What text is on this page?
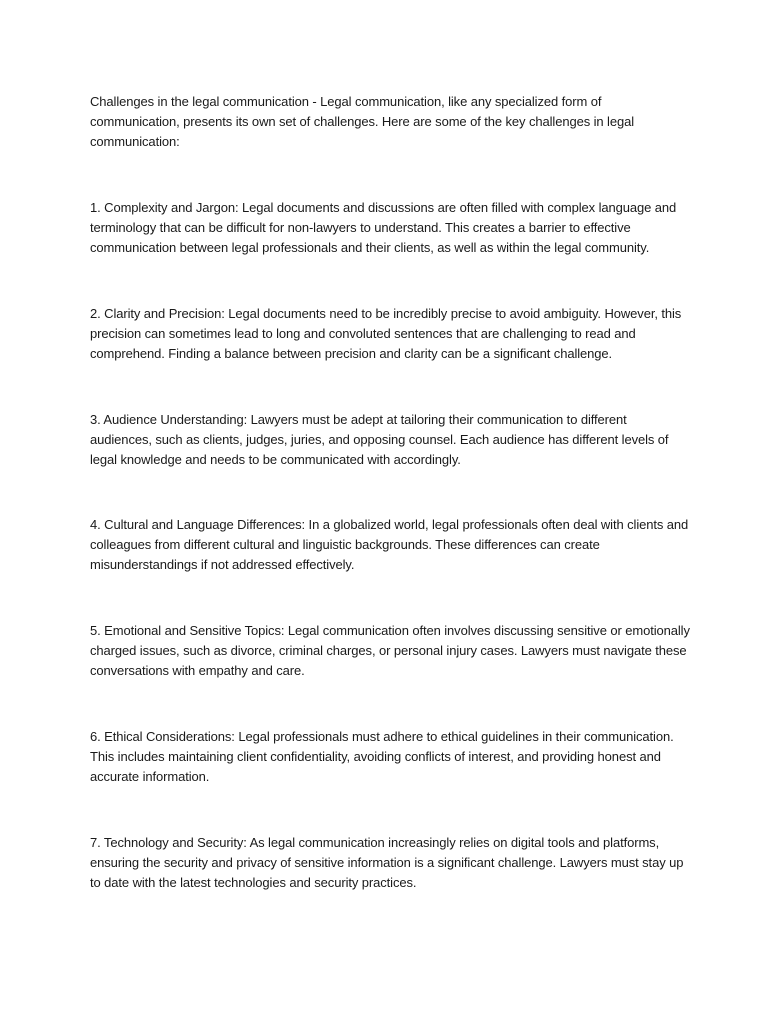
Challenges in the legal communication - Legal communication, like any specialized form of communication, presents its own set of challenges. Here are some of the key challenges in legal communication:

1. Complexity and Jargon: Legal documents and discussions are often filled with complex language and terminology that can be difficult for non-lawyers to understand. This creates a barrier to effective communication between legal professionals and their clients, as well as within the legal community.

2. Clarity and Precision: Legal documents need to be incredibly precise to avoid ambiguity. However, this precision can sometimes lead to long and convoluted sentences that are challenging to read and comprehend. Finding a balance between precision and clarity can be a significant challenge.

3. Audience Understanding: Lawyers must be adept at tailoring their communication to different audiences, such as clients, judges, juries, and opposing counsel. Each audience has different levels of legal knowledge and needs to be communicated with accordingly.

4. Cultural and Language Differences: In a globalized world, legal professionals often deal with clients and colleagues from different cultural and linguistic backgrounds. These differences can create misunderstandings if not addressed effectively.

5. Emotional and Sensitive Topics: Legal communication often involves discussing sensitive or emotionally charged issues, such as divorce, criminal charges, or personal injury cases. Lawyers must navigate these conversations with empathy and care.

6. Ethical Considerations: Legal professionals must adhere to ethical guidelines in their communication. This includes maintaining client confidentiality, avoiding conflicts of interest, and providing honest and accurate information.

7. Technology and Security: As legal communication increasingly relies on digital tools and platforms, ensuring the security and privacy of sensitive information is a significant challenge. Lawyers must stay up to date with the latest technologies and security practices.
